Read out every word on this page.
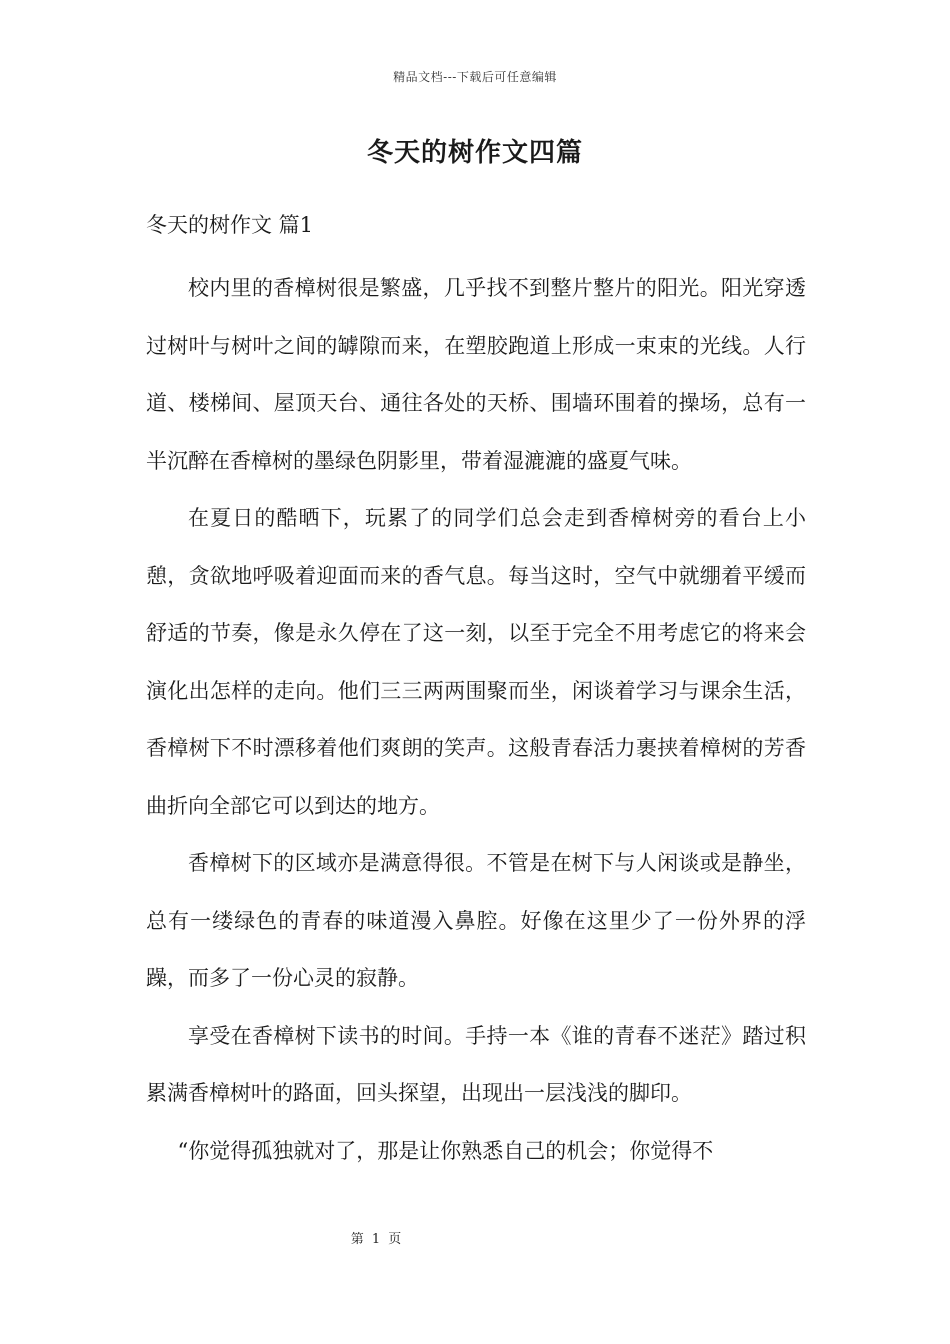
精品文档---下载后可任意编辑
冬天的树作文四篇
冬天的树作文 篇1

校内里的香樟树很是繁盛，几乎找不到整片整片的阳光。阳光穿透过树叶与树叶之间的罅隙而来，在塑胶跑道上形成一束束的光线。人行道、楼梯间、屋顶天台、通往各处的天桥、围墙环围着的操场，总有一半沉醉在香樟树的墨绿色阴影里，带着湿漉漉的盛夏气味。

在夏日的酷晒下，玩累了的同学们总会走到香樟树旁的看台上小憩，贪欲地呼吸着迎面而来的香气息。每当这时，空气中就绷着平缓而舒适的节奏，像是永久停在了这一刻，以至于完全不用考虑它的将来会演化出怎样的走向。他们三三两两围聚而坐，闲谈着学习与课余生活，香樟树下不时漂移着他们爽朗的笑声。这般青春活力裹挟着樟树的芳香曲折向全部它可以到达的地方。

香樟树下的区域亦是满意得很。不管是在树下与人闲谈或是静坐，总有一缕绿色的青春的味道漫入鼻腔。好像在这里少了一份外界的浮躁，而多了一份心灵的寂静。

享受在香樟树下读书的时间。手持一本《谁的青春不迷茫》踏过积累满香樟树叶的路面，回头探望，出现出一层浅浅的脚印。

“你觉得孤独就对了，那是让你熟悉自己的机会；你觉得不

第 1 页
